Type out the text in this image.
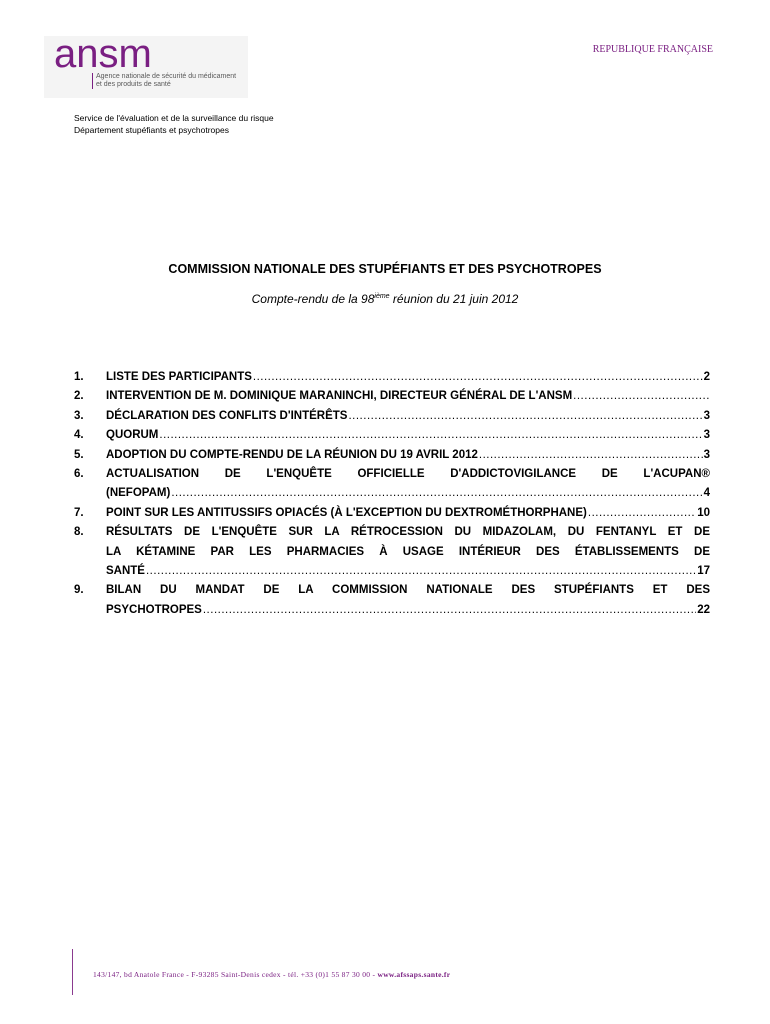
ansm
Agence nationale de sécurité du médicament
et des produits de santé
REPUBLIQUE FRANÇAISE
Service de l'évaluation et de la surveillance du risque
Département stupéfiants et psychotropes
COMMISSION NATIONALE DES STUPÉFIANTS ET DES PSYCHOTROPES
Compte-rendu de la 98ième réunion du 21 juin 2012
1. LISTE DES PARTICIPANTS .....	2
2. INTERVENTION DE M. DOMINIQUE MARANINCHI, DIRECTEUR GÉNÉRAL DE L'ANSM
.....
3. DÉCLARATION DES CONFLITS D'INTÉRÊTS .....	3
4. QUORUM .....	3
5. ADOPTION DU COMPTE-RENDU DE LA RÉUNION DU 19 AVRIL 2012 .....	3
6. ACTUALISATION DE L'ENQUÊTE OFFICIELLE D'ADDICTOVIGILANCE DE L'ACUPAN®
(NEFOPAM) .....	4
7. POINT SUR LES ANTITUSSIFS OPIACÉS (À L'EXCEPTION DU DEXTROMÉTHORPHANE) .....	10
8. RÉSULTATS DE L'ENQUÊTE SUR LA RÉTROCESSION DU MIDAZOLAM, DU FENTANYL ET DE
LA KÉTAMINE PAR LES PHARMACIES À USAGE INTÉRIEUR DES ÉTABLISSEMENTS DE
SANTÉ .....	17
9. BILAN DU MANDAT DE LA COMMISSION NATIONALE DES STUPÉFIANTS ET DES
PSYCHOTROPES .....	22
143/147, bd Anatole France - F-93285 Saint-Denis cedex - tél. +33 (0)1 55 87 30 00 - www.afssaps.sante.fr
